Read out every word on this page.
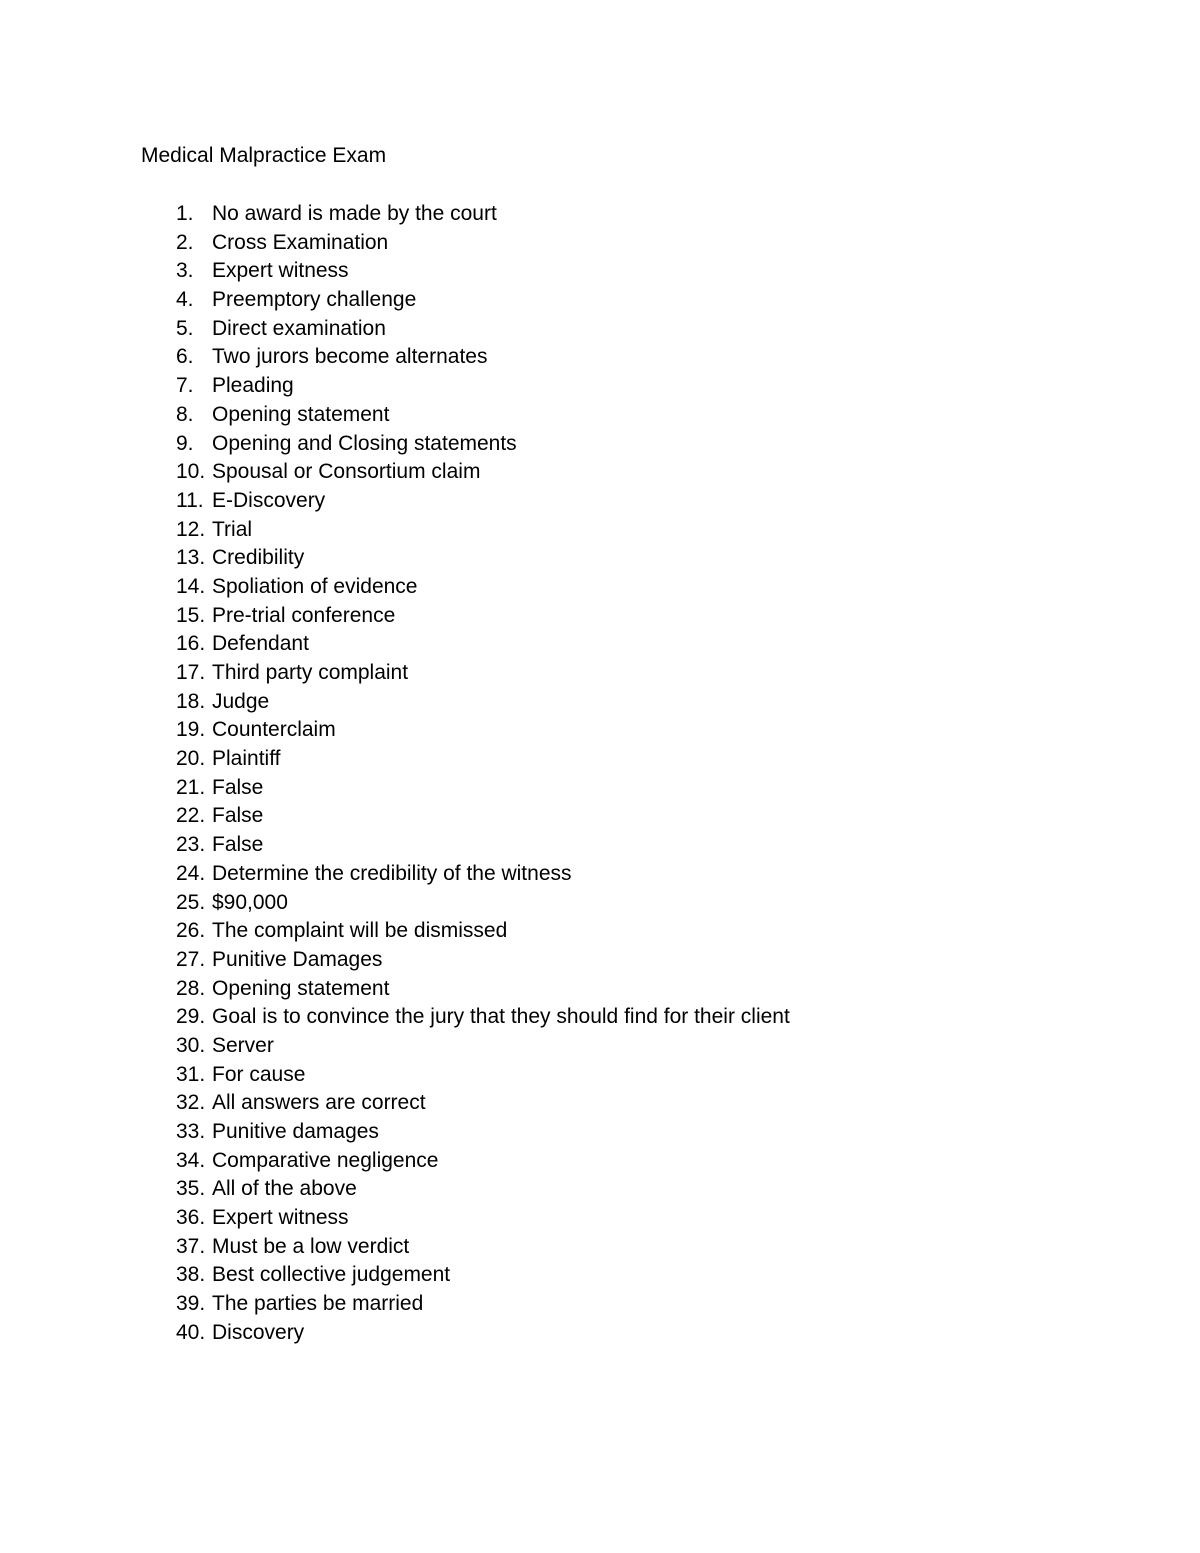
Medical Malpractice Exam
1. No award is made by the court
2. Cross Examination
3. Expert witness
4. Preemptory challenge
5. Direct examination
6. Two jurors become alternates
7. Pleading
8. Opening statement
9. Opening and Closing statements
10. Spousal or Consortium claim
11. E-Discovery
12. Trial
13. Credibility
14. Spoliation of evidence
15. Pre-trial conference
16. Defendant
17. Third party complaint
18. Judge
19. Counterclaim
20. Plaintiff
21. False
22. False
23. False
24. Determine the credibility of the witness
25. $90,000
26. The complaint will be dismissed
27. Punitive Damages
28. Opening statement
29. Goal is to convince the jury that they should find for their client
30. Server
31. For cause
32. All answers are correct
33. Punitive damages
34. Comparative negligence
35. All of the above
36. Expert witness
37. Must be a low verdict
38. Best collective judgement
39. The parties be married
40. Discovery
